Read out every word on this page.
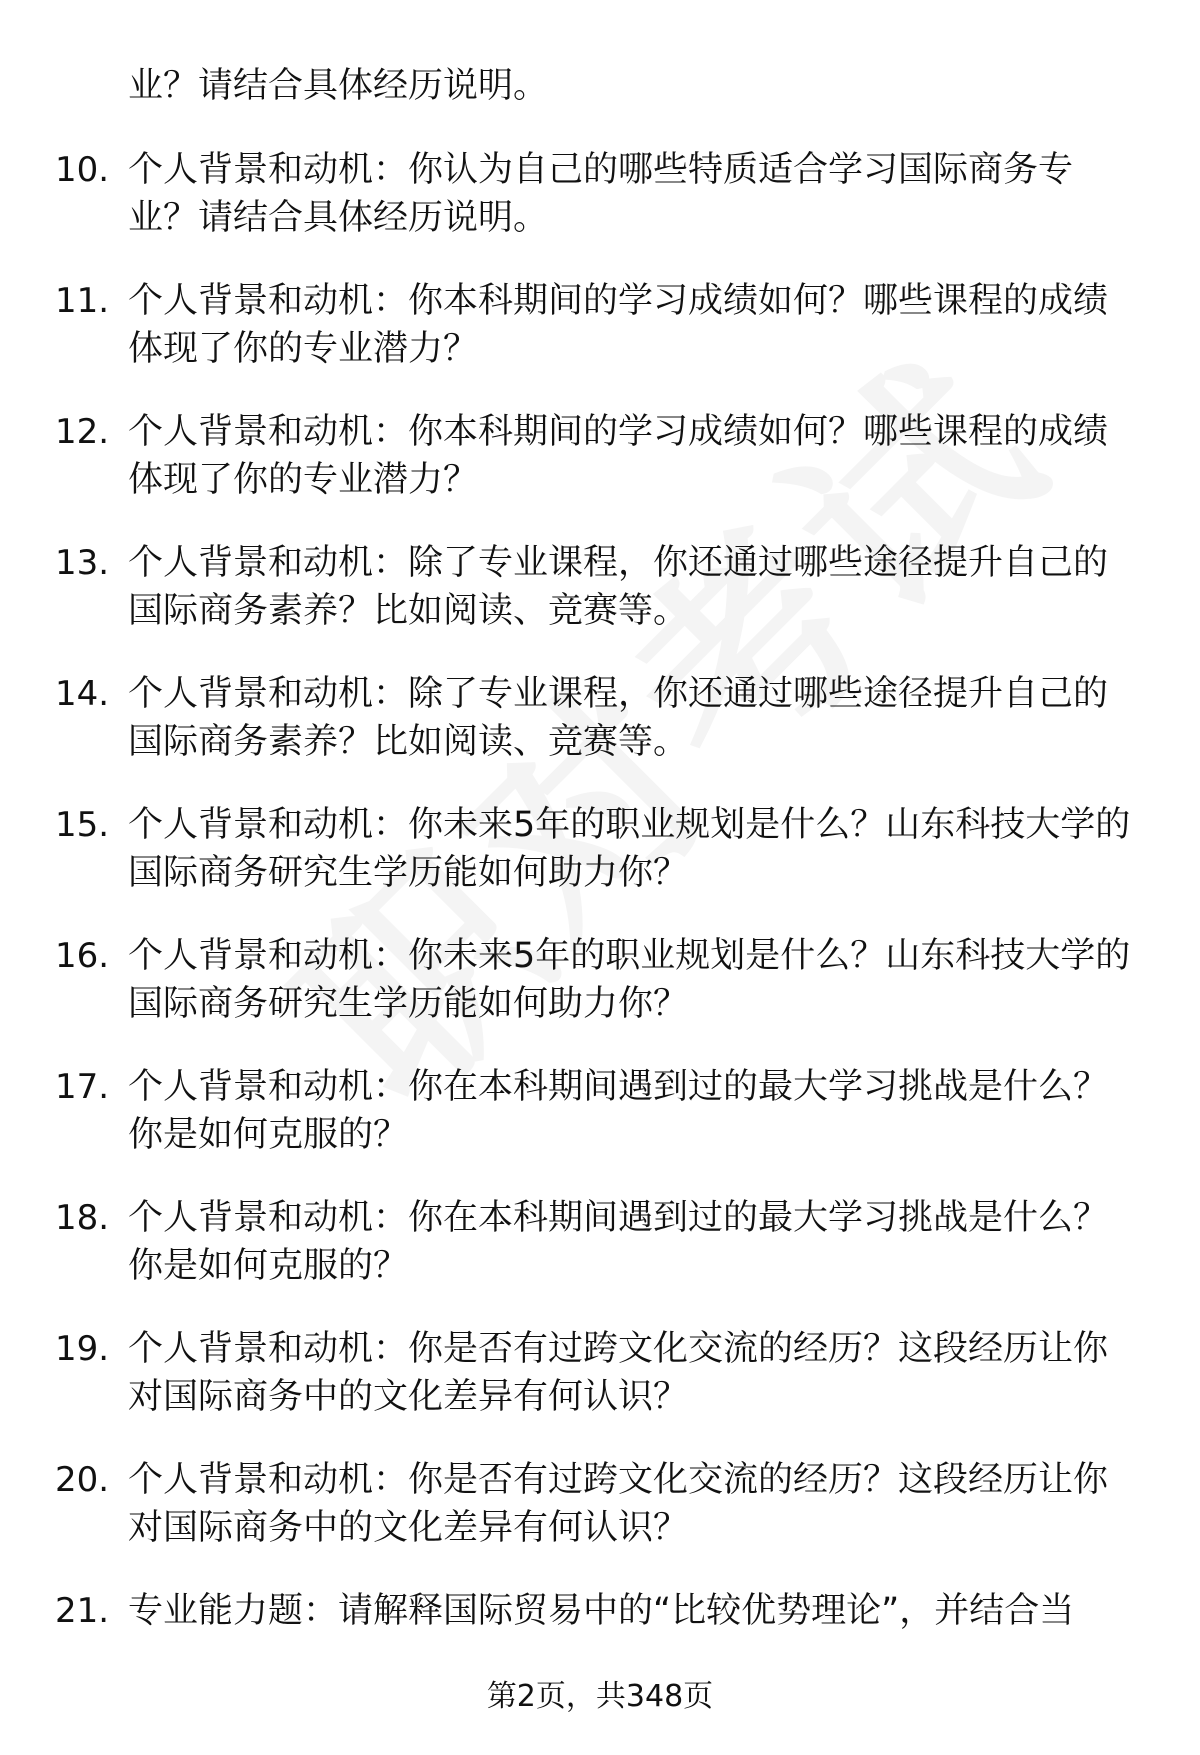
业？请结合具体经历说明。
10. 个人背景和动机：你认为自己的哪些特质适合学习国际商务专
业？请结合具体经历说明。
11. 个人背景和动机：你本科期间的学习成绩如何？哪些课程的成绩
体现了你的专业潜力？
12. 个人背景和动机：你本科期间的学习成绩如何？哪些课程的成绩
体现了你的专业潜力？
13. 个人背景和动机：除了专业课程，你还通过哪些途径提升自己的
国际商务素养？比如阅读、竞赛等。
14. 个人背景和动机：除了专业课程，你还通过哪些途径提升自己的
国际商务素养？比如阅读、竞赛等。
15. 个人背景和动机：你未来5年的职业规划是什么？山东科技大学的
国际商务研究生学历能如何助力你？
16. 个人背景和动机：你未来5年的职业规划是什么？山东科技大学的
国际商务研究生学历能如何助力你？
17. 个人背景和动机：你在本科期间遇到过的最大学习挑战是什么？
你是如何克服的？
18. 个人背景和动机：你在本科期间遇到过的最大学习挑战是什么？
你是如何克服的？
19. 个人背景和动机：你是否有过跨文化交流的经历？这段经历让你
对国际商务中的文化差异有何认识？
20. 个人背景和动机：你是否有过跨文化交流的经历？这段经历让你
对国际商务中的文化差异有何认识？
21. 专业能力题：请解释国际贸易中的“比较优势理论”，并结合当
第2页，共348页
